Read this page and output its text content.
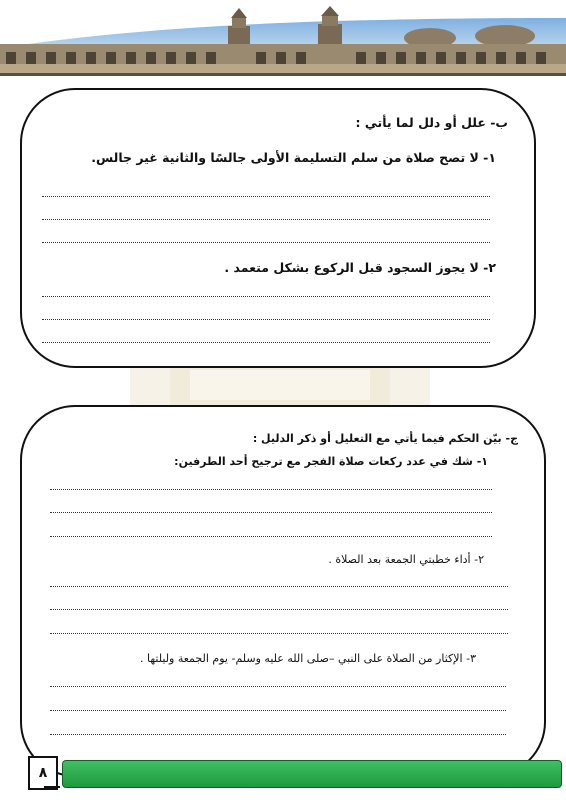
ب- علل أو دلل لما يأتي :
١- لا تصح صلاة من سلم التسليمة الأولى جالسًا والثانية غير جالس.
٢- لا يجوز السجود قبل الركوع بشكل متعمد .
ج- بيّن الحكم فيما يأتي مع التعليل أو ذكر الدليل :
١- شك في عدد ركعات صلاة الفجر مع ترجيح أحد الطرفين:
٢- أداء خطبتي الجمعة بعد الصلاة .
٣- الإكثار من الصلاة على النبي –صلى الله عليه وسلم- يوم الجمعة وليلتها .
٨
